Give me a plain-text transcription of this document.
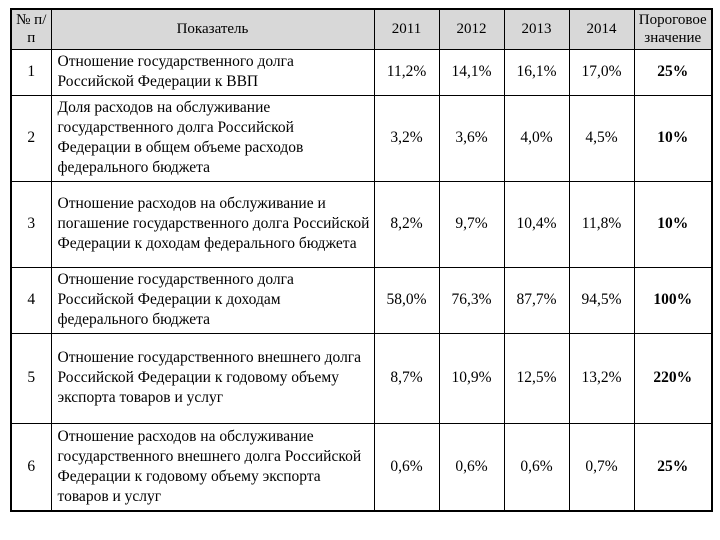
№ п/п	Показатель	2011	2012	2013	2014	Пороговое значение
1	Отношение государственного долга Российской Федерации к ВВП	11,2%	14,1%	16,1%	17,0%	25%
2	Доля расходов на обслуживание государственного долга Российской Федерации в общем объеме расходов федерального бюджета	3,2%	3,6%	4,0%	4,5%	10%
3	Отношение расходов на обслуживание и погашение государственного долга Российской Федерации к доходам федерального бюджета	8,2%	9,7%	10,4%	11,8%	10%
4	Отношение государственного долга Российской Федерации к доходам федерального бюджета	58,0%	76,3%	87,7%	94,5%	100%
5	Отношение государственного внешнего долга Российской Федерации к годовому объему экспорта товаров и услуг	8,7%	10,9%	12,5%	13,2%	220%
6	Отношение расходов на обслуживание государственного внешнего долга Российской Федерации к годовому объему экспорта товаров и услуг	0,6%	0,6%	0,6%	0,7%	25%
